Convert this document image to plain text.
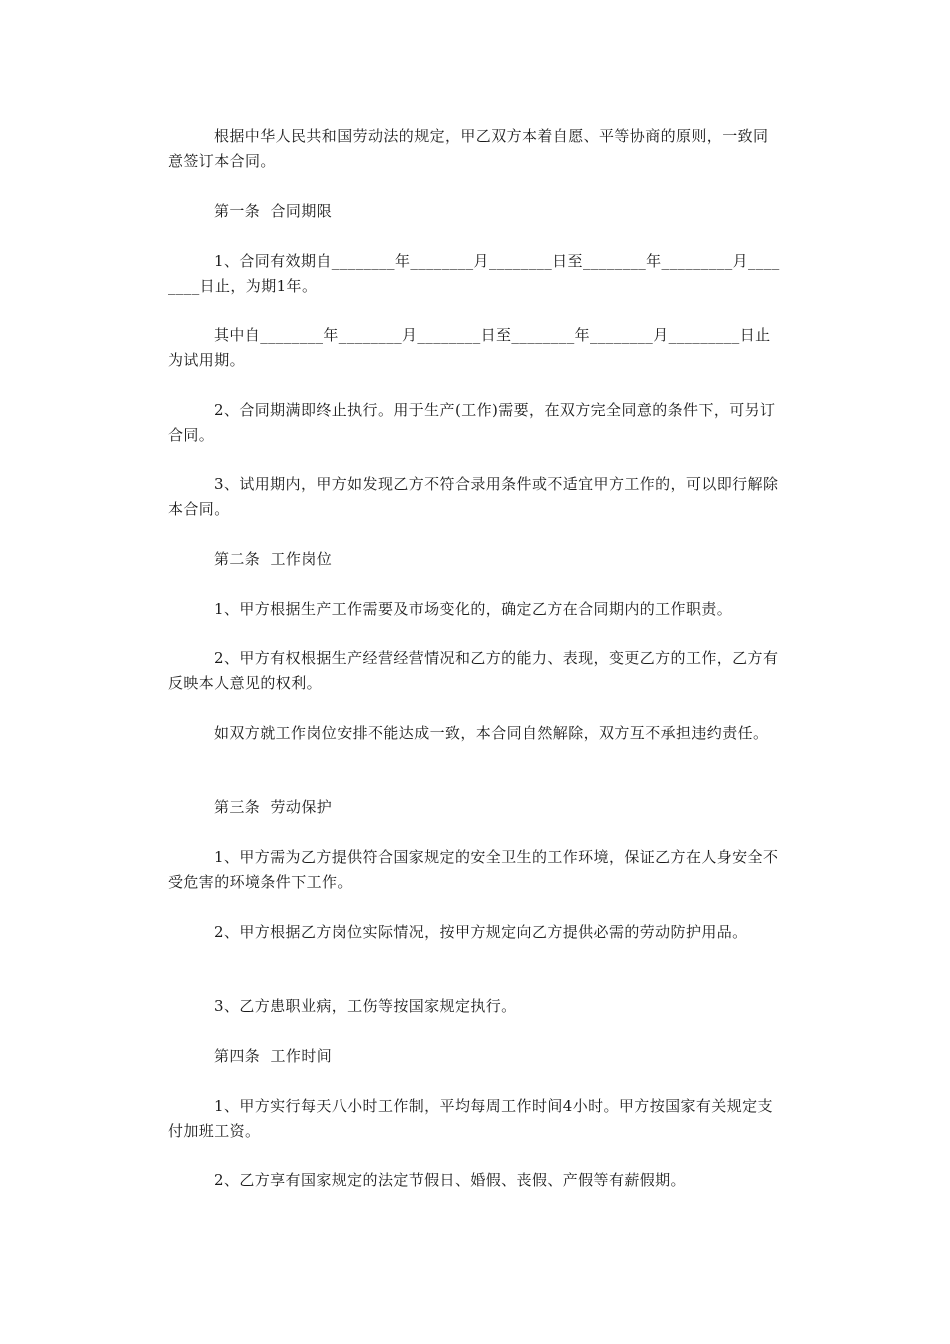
根据中华人民共和国劳动法的规定，甲乙双方本着自愿、平等协商的原则，一致同意签订本合同。

第一条  合同期限

1、合同有效期自________年________月________日至________年_________月________日止，为期1年。

其中自________年________月________日至________年________月_________日止为试用期。

2、合同期满即终止执行。用于生产(工作)需要，在双方完全同意的条件下，可另订合同。

3、试用期内，甲方如发现乙方不符合录用条件或不适宜甲方工作的，可以即行解除本合同。

第二条  工作岗位

1、甲方根据生产工作需要及市场变化的，确定乙方在合同期内的工作职责。

2、甲方有权根据生产经营经营情况和乙方的能力、表现，变更乙方的工作，乙方有反映本人意见的权利。

如双方就工作岗位安排不能达成一致，本合同自然解除，双方互不承担违约责任。

第三条  劳动保护

1、甲方需为乙方提供符合国家规定的安全卫生的工作环境，保证乙方在人身安全不受危害的环境条件下工作。

2、甲方根据乙方岗位实际情况，按甲方规定向乙方提供必需的劳动防护用品。

3、乙方患职业病，工伤等按国家规定执行。

第四条  工作时间

1、甲方实行每天八小时工作制，平均每周工作时间4小时。甲方按国家有关规定支付加班工资。

2、乙方享有国家规定的法定节假日、婚假、丧假、产假等有薪假期。
